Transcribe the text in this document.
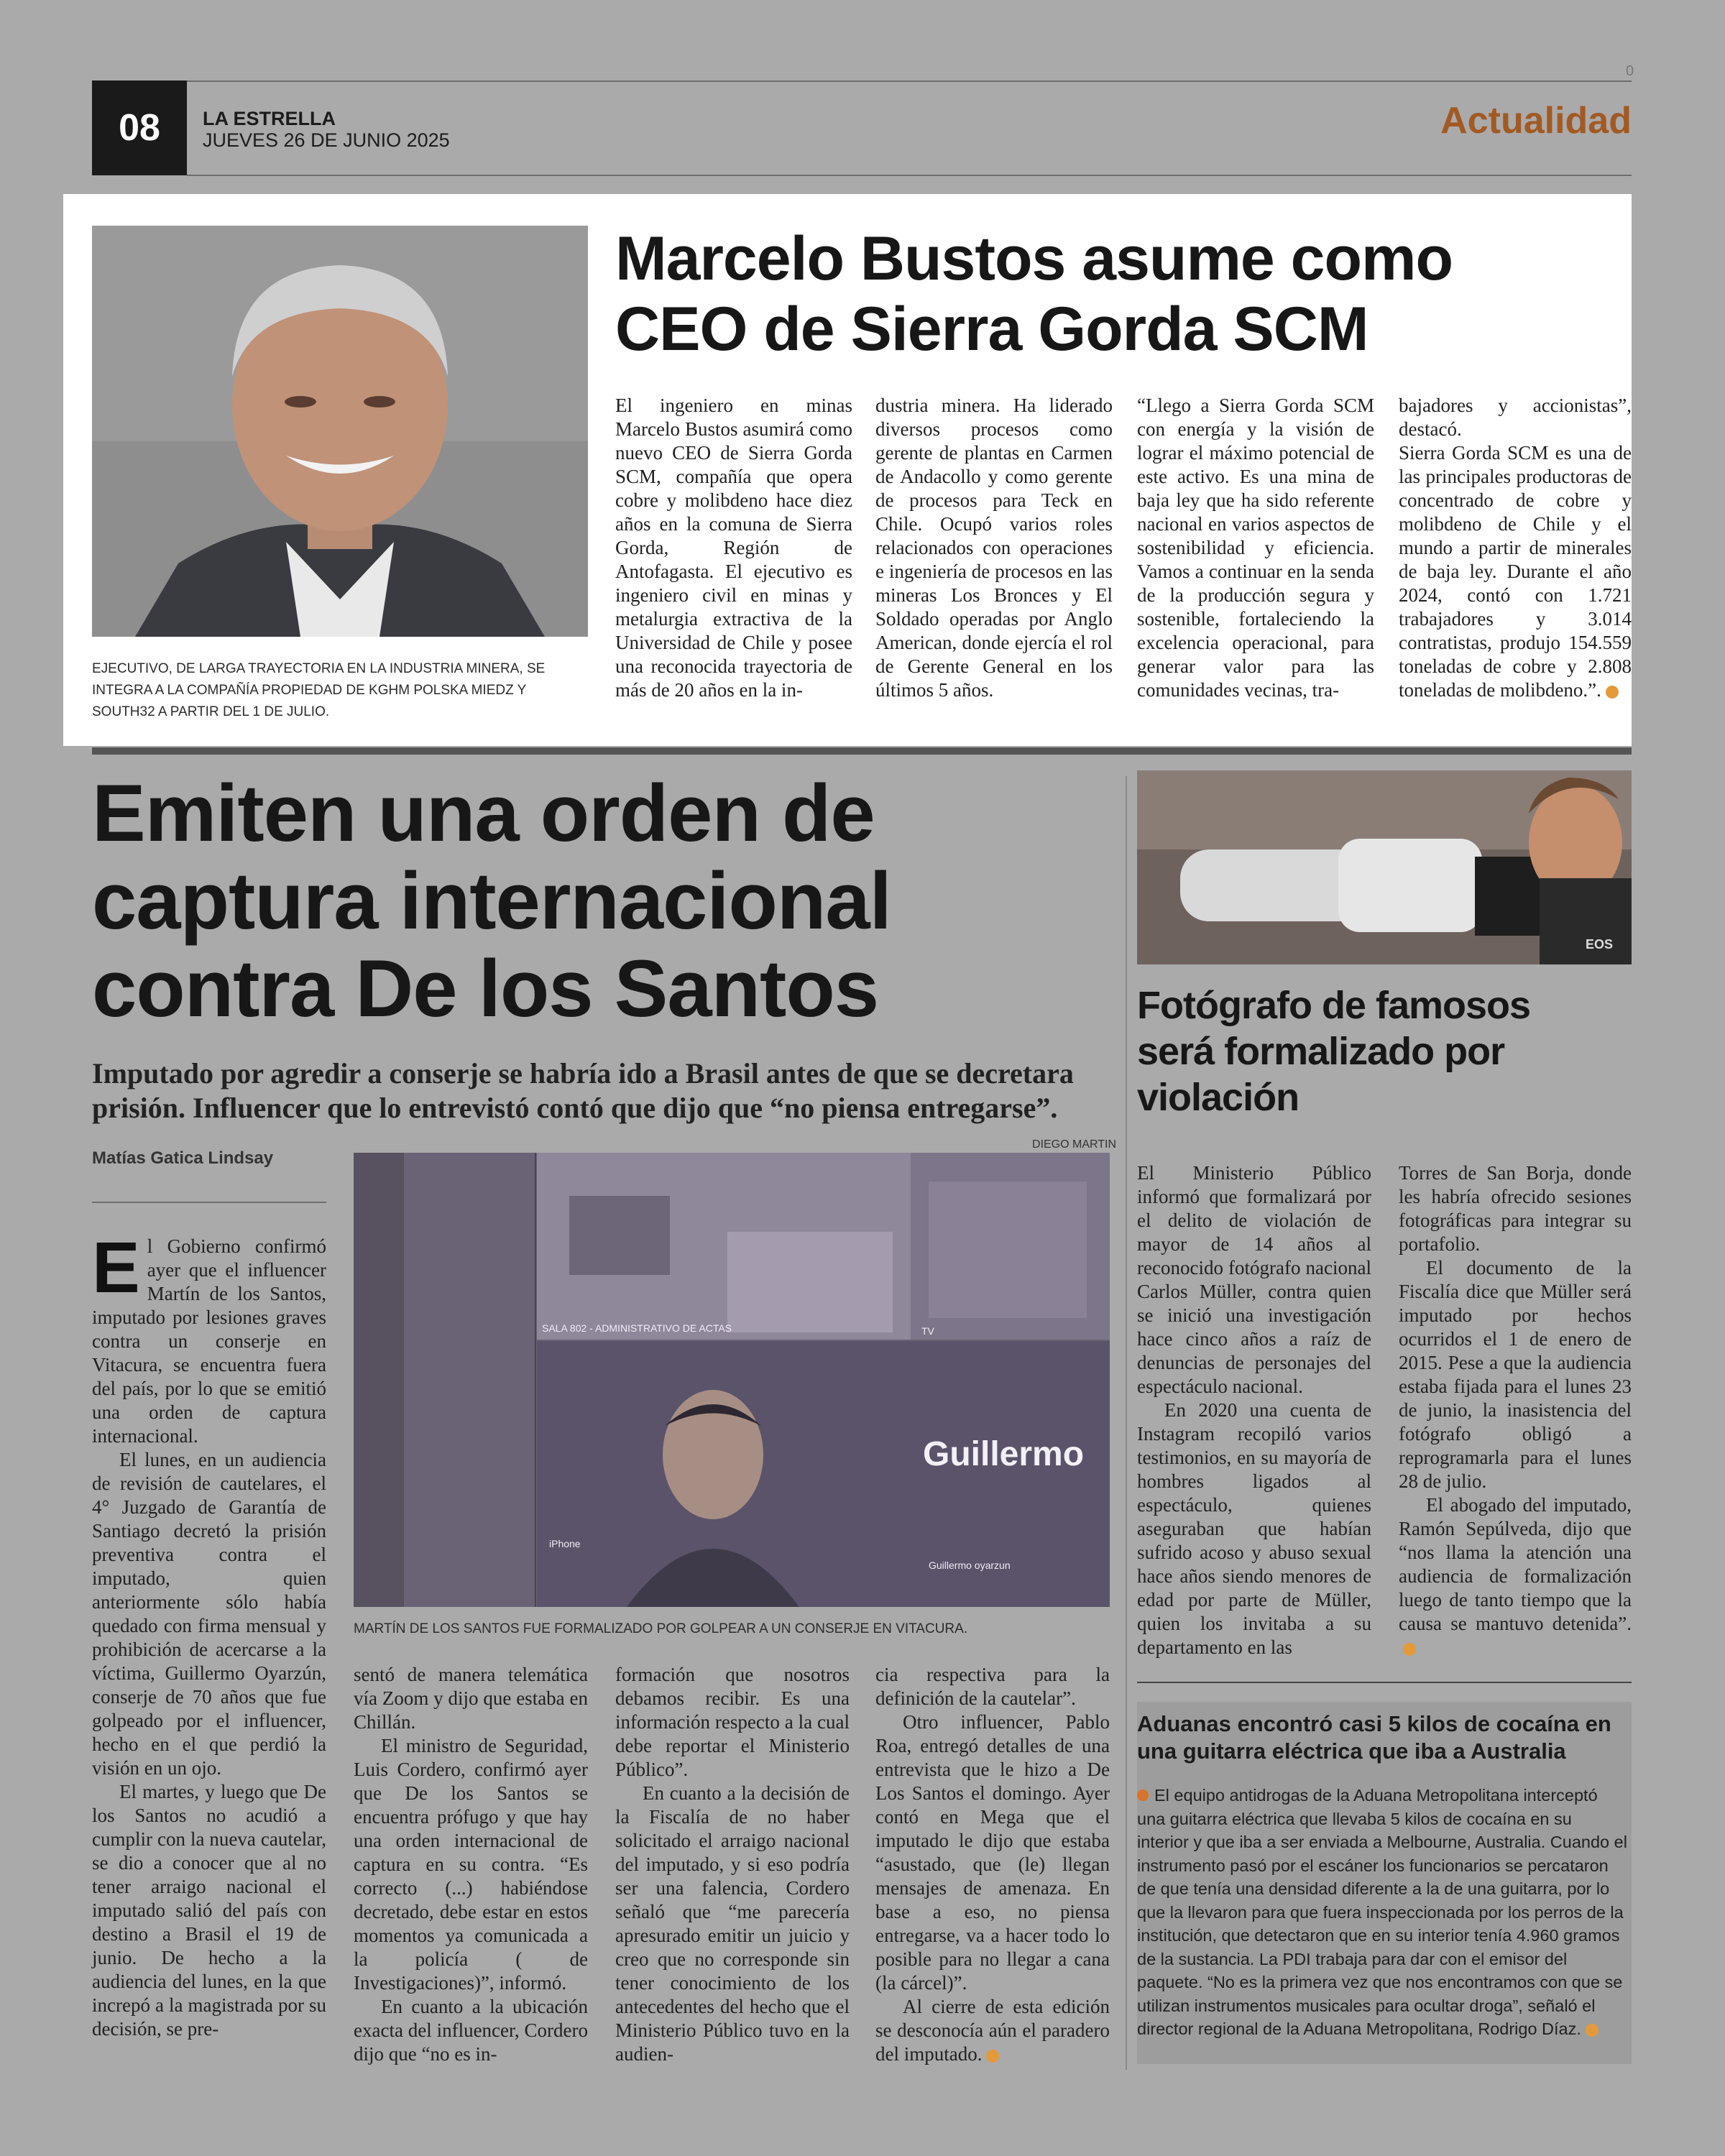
0
08	LA ESTRELLA
JUEVES 26 DE JUNIO 2025	Actualidad
EJECUTIVO, DE LARGA TRAYECTORIA EN LA INDUSTRIA MINERA, SE INTEGRA A LA COMPAÑÍA PROPIEDAD DE KGHM POLSKA MIEDZ Y SOUTH32 A PARTIR DEL 1 DE JULIO.
Marcelo Bustos asume como
CEO de Sierra Gorda SCM

El ingeniero en minas Marcelo Bustos asumirá como nuevo CEO de Sierra Gorda SCM, compañía que opera cobre y molibdeno hace diez años en la comuna de Sierra Gorda, Región de Antofagasta. El ejecutivo es ingeniero civil en minas y metalurgia extractiva de la Universidad de Chile y posee una reconocida trayectoria de más de 20 años en la in-

dustria minera. Ha liderado diversos procesos como gerente de plantas en Carmen de Andacollo y como gerente de procesos para Teck en Chile. Ocupó varios roles relacionados con operaciones e ingeniería de procesos en las mineras Los Bronces y El Soldado operadas por Anglo American, donde ejercía el rol de Gerente General en los últimos 5 años.

“Llego a Sierra Gorda SCM con energía y la visión de lograr el máximo potencial de este activo. Es una mina de baja ley que ha sido referente nacional en varios aspectos de sostenibilidad y eficiencia. Vamos a continuar en la senda de la producción segura y sostenible, fortaleciendo la excelencia operacional, para generar valor para las comunidades vecinas, tra-

bajadores y accionistas”, destacó.

Sierra Gorda SCM es una de las principales productoras de concentrado de cobre y molibdeno de Chile y el mundo a partir de minerales de baja ley. Durante el año 2024, contó con 1.721 trabajadores y 3.014 contratistas, produjo 154.559 toneladas de cobre y 2.808 toneladas de molibdeno.”.

Emiten una orden de
captura internacional
contra De los Santos
Imputado por agredir a conserje se habría ido a Brasil antes de que se decretara prisión. Influencer que lo entrevistó contó que dijo que “no piensa entregarse”.
Matías Gatica Lindsay
DIEGO MARTIN
SALA 802 - ADMINISTRATIVO DE ACTAS	TV
Guillermo
iPhone
Guillermo oyarzun
MARTÍN DE LOS SANTOS FUE FORMALIZADO POR GOLPEAR A UN CONSERJE EN VITACURA.

El Gobierno confirmó ayer que el influencer Martín de los Santos, imputado por lesiones graves contra un conserje en Vitacura, se encuentra fuera del país, por lo que se emitió una orden de captura internacional.

El lunes, en un audiencia de revisión de cautelares, el 4° Juzgado de Garantía de Santiago decretó la prisión preventiva contra el imputado, quien anteriormente sólo había quedado con firma mensual y prohibición de acercarse a la víctima, Guillermo Oyarzún, conserje de 70 años que fue golpeado por el influencer, hecho en el que perdió la visión en un ojo.

El martes, y luego que De los Santos no acudió a cumplir con la nueva cautelar, se dio a conocer que al no tener arraigo nacional el imputado salió del país con destino a Brasil el 19 de junio. De hecho a la audiencia del lunes, en la que increpó a la magistrada por su decisión, se pre-

sentó de manera telemática vía Zoom y dijo que estaba en Chillán.

El ministro de Seguridad, Luis Cordero, confirmó ayer que De los Santos se encuentra prófugo y que hay una orden internacional de captura en su contra. “Es correcto (...) habiéndose decretado, debe estar en estos momentos ya comunicada a la policía ( de Investigaciones)”, informó.

En cuanto a la ubicación exacta del influencer, Cordero dijo que “no es in-

formación que nosotros debamos recibir. Es una información respecto a la cual debe reportar el Ministerio Público”.

En cuanto a la decisión de la Fiscalía de no haber solicitado el arraigo nacional del imputado, y si eso podría ser una falencia, Cordero señaló que “me parecería apresurado emitir un juicio y creo que no corresponde sin tener conocimiento de los antecedentes del hecho que el Ministerio Público tuvo en la audien-

cia respectiva para la definición de la cautelar”.

Otro influencer, Pablo Roa, entregó detalles de una entrevista que le hizo a De Los Santos el domingo. Ayer contó en Mega que el imputado le dijo que estaba “asustado, que (le) llegan mensajes de amenaza. En base a eso, no piensa entregarse, va a hacer todo lo posible para no llegar a cana (la cárcel)”.

Al cierre de esta edición se desconocía aún el paradero del imputado.

EOS
Fotógrafo de famosos
será formalizado por
violación

El Ministerio Público informó que formalizará por el delito de violación de mayor de 14 años al reconocido fotógrafo nacional Carlos Müller, contra quien se inició una investigación hace cinco años a raíz de denuncias de personajes del espectáculo nacional.

En 2020 una cuenta de Instagram recopiló varios testimonios, en su mayoría de hombres ligados al espectáculo, quienes aseguraban que habían sufrido acoso y abuso sexual hace años siendo menores de edad por parte de Müller, quien los invitaba a su departamento en las

Torres de San Borja, donde les habría ofrecido sesiones fotográficas para integrar su portafolio.

El documento de la Fiscalía dice que Müller será imputado por hechos ocurridos el 1 de enero de 2015. Pese a que la audiencia estaba fijada para el lunes 23 de junio, la inasistencia del fotógrafo obligó a reprogramarla para el lunes 28 de julio.

El abogado del imputado, Ramón Sepúlveda, dijo que “nos llama la atención una audiencia de formalización luego de tanto tiempo que la causa se mantuvo detenida”.

Aduanas encontró casi 5 kilos de cocaína en una guitarra eléctrica que iba a Australia
El equipo antidrogas de la Aduana Metropolitana interceptó una guitarra eléctrica que llevaba 5 kilos de cocaína en su interior y que iba a ser enviada a Melbourne, Australia. Cuando el instrumento pasó por el escáner los funcionarios se percataron de que tenía una densidad diferente a la de una guitarra, por lo que la llevaron para que fuera inspeccionada por los perros de la institución, que detectaron que en su interior tenía 4.960 gramos de la sustancia. La PDI trabaja para dar con el emisor del paquete. “No es la primera vez que nos encontramos con que se utilizan instrumentos musicales para ocultar droga”, señaló el director regional de la Aduana Metropolitana, Rodrigo Díaz.
